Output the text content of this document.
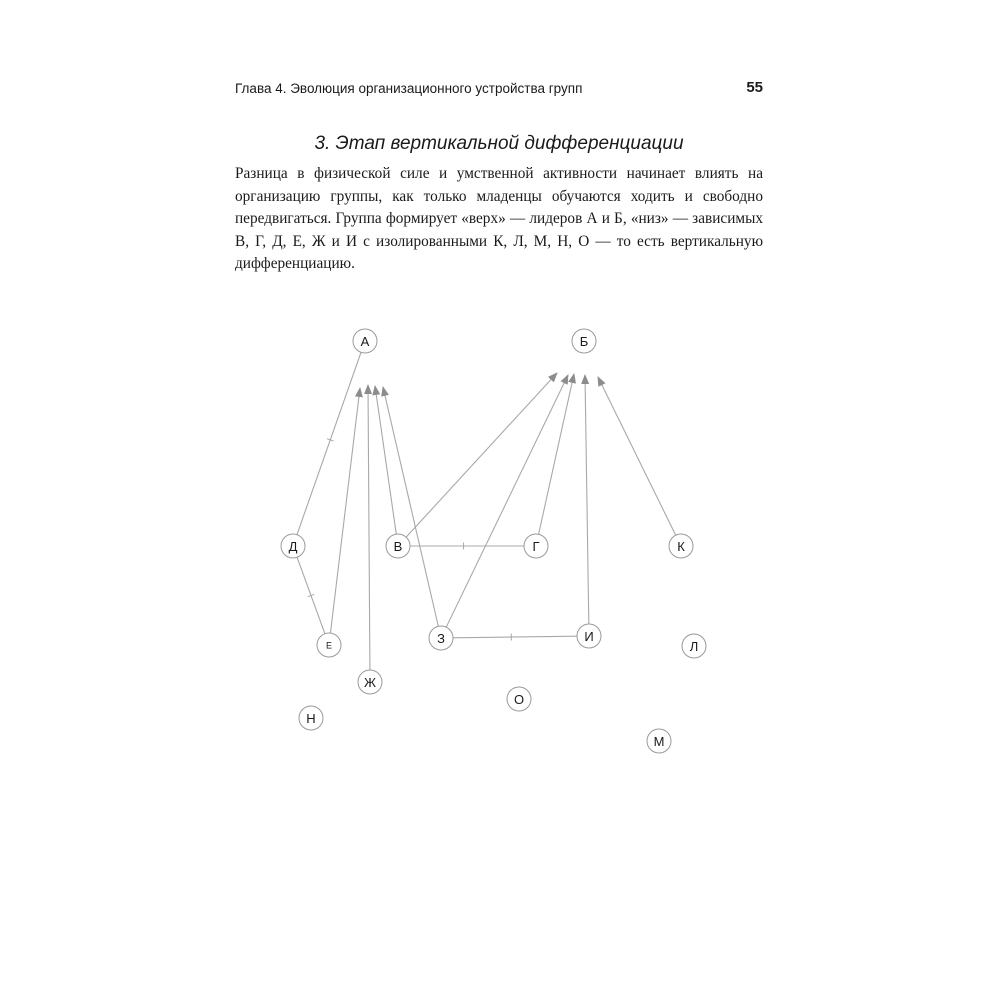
Глава 4. Эволюция организационного устройства групп	55
3. Этап вертикальной дифференциации

Разница в физической силе и умственной активности начинает влиять на организацию группы, как только младенцы обучаются ходить и свободно передвигаться. Группа формирует «верх» — лидеров А и Б, «низ» — зависимых В, Г, Д, Е, Ж и И с изолированными К, Л, М, Н, О — то есть вертикальную дифференциацию.

А	Б
Д	В	Г	К
Е	З	И
Л
Ж
О
Н
М
